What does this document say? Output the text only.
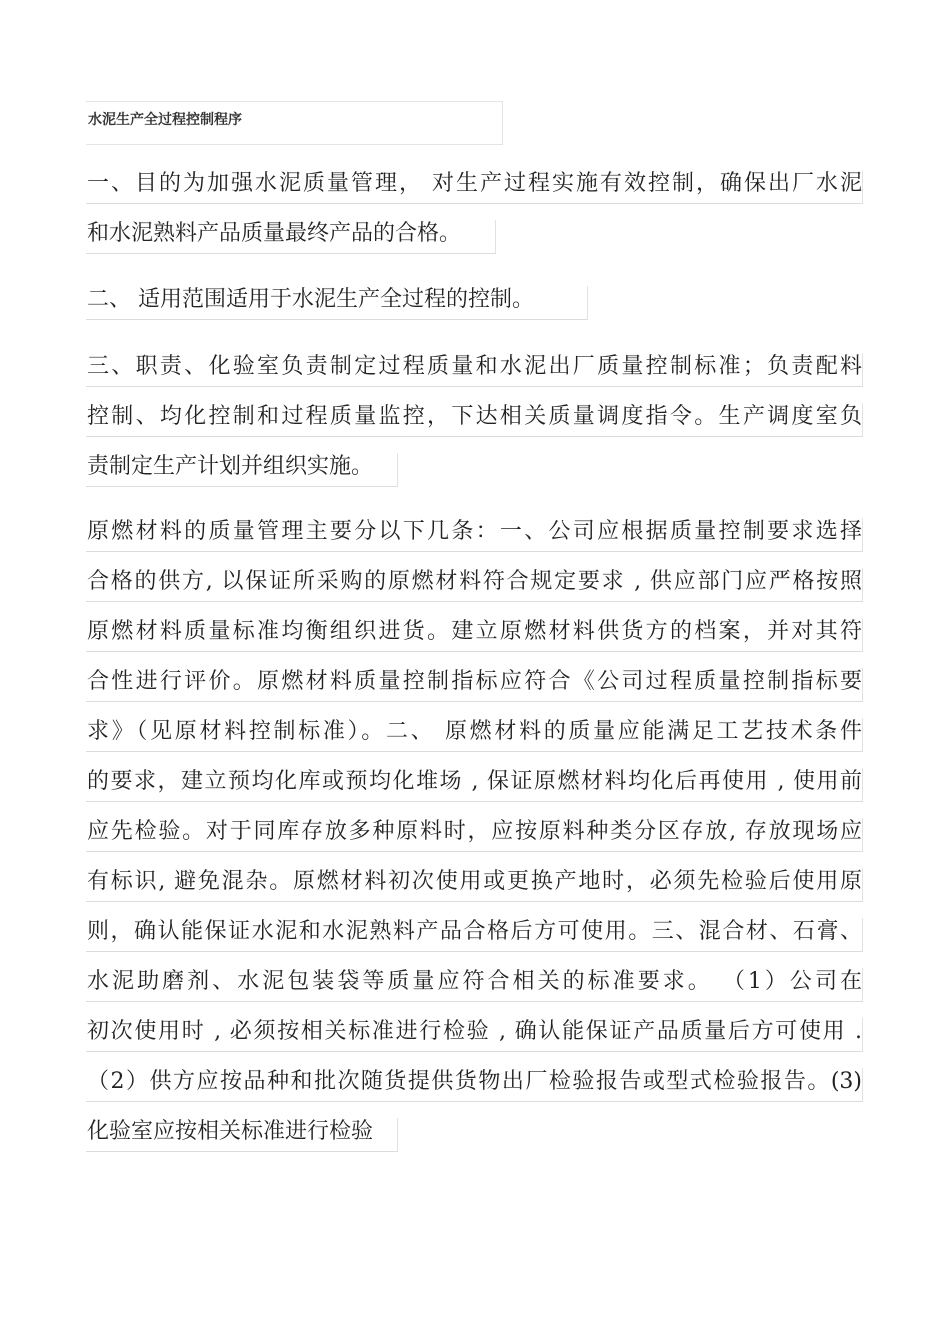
水泥生产全过程控制程序
一、目的为加强水泥质量管理， 对生产过程实施有效控制，确保出厂水泥
和水泥熟料产品质量最终产品的合格。
二、 适用范围适用于水泥生产全过程的控制。
三、职责、化验室负责制定过程质量和水泥出厂质量控制标准；负责配料
控制、均化控制和过程质量监控，下达相关质量调度指令。生产调度室负
责制定生产计划并组织实施。
原燃材料的质量管理主要分以下几条：一、公司应根据质量控制要求选择
合格的供方, 以保证所采购的原燃材料符合规定要求 , 供应部门应严格按照
原燃材料质量标准均衡组织进货。建立原燃材料供货方的档案，并对其符
合性进行评价。原燃材料质量控制指标应符合《公司过程质量控制指标要
求》（见原材料控制标准）。二、 原燃材料的质量应能满足工艺技术条件
的要求，建立预均化库或预均化堆场 , 保证原燃材料均化后再使用 , 使用前
应先检验。对于同库存放多种原料时，应按原料种类分区存放, 存放现场应
有标识, 避免混杂。原燃材料初次使用或更换产地时，必须先检验后使用原
则，确认能保证水泥和水泥熟料产品合格后方可使用。三、混合材、石膏、
水泥助磨剂、水泥包装袋等质量应符合相关的标准要求。 （1）公司在
初次使用时 , 必须按相关标准进行检验 , 确认能保证产品质量后方可使用 .
（2）供方应按品种和批次随货提供货物出厂检验报告或型式检验报告。(3)
化验室应按相关标准进行检验
